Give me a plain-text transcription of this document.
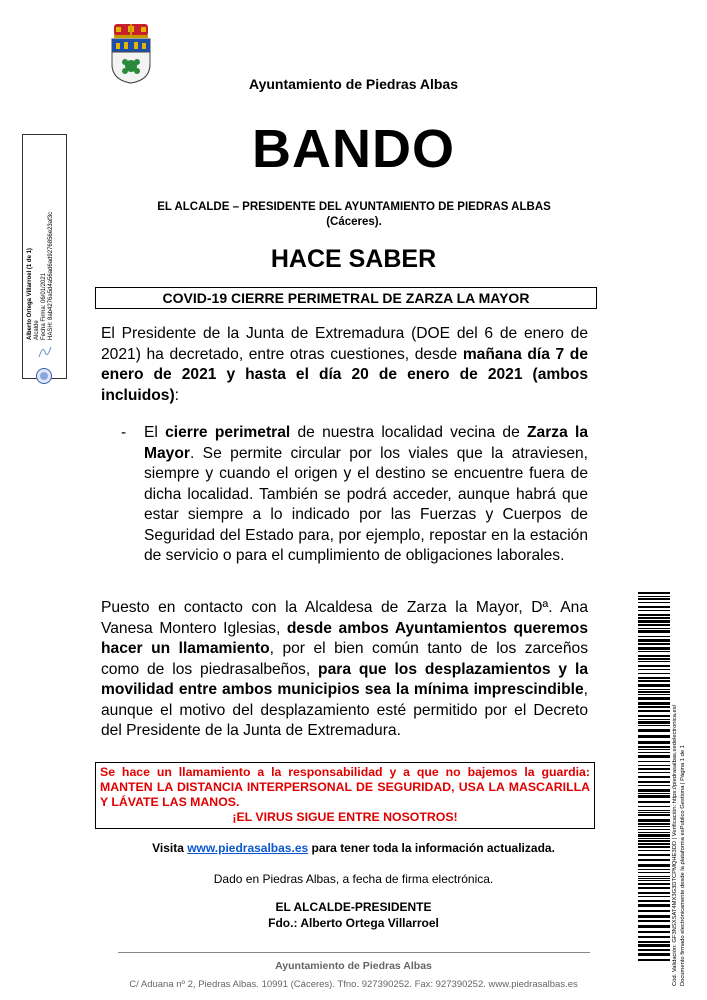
Ayuntamiento de Piedras Albas
BANDO
EL ALCALDE – PRESIDENTE DEL AYUNTAMIENTO DE PIEDRAS ALBAS
(Cáceres).
HACE SABER
COVID-19 CIERRE PERIMETRAL DE ZARZA LA MAYOR
El Presidente de la Junta de Extremadura (DOE del 6 de enero de 2021) ha decretado, entre otras cuestiones, desde mañana día 7 de enero de 2021 y hasta el día 20 de enero de 2021 (ambos incluidos):
- El cierre perimetral de nuestra localidad vecina de Zarza la Mayor. Se permite circular por los viales que la atraviesen, siempre y cuando el origen y el destino se encuentre fuera de dicha localidad. También se podrá acceder, aunque habrá que estar siempre a lo indicado por las Fuerzas y Cuerpos de Seguridad del Estado para, por ejemplo, repostar en la estación de servicio o para el cumplimiento de obligaciones laborales.
Puesto en contacto con la Alcaldesa de Zarza la Mayor, Dª. Ana Vanesa Montero Iglesias, desde ambos Ayuntamientos queremos hacer un llamamiento, por el bien común tanto de los zarceños como de los piedrasalbeños, para que los desplazamientos y la movilidad entre ambos municipios sea la mínima imprescindible, aunque el motivo del desplazamiento esté permitido por el Decreto del Presidente de la Junta de Extremadura.
Se hace un llamamiento a la responsabilidad y a que no bajemos la guardia: MANTEN LA DISTANCIA INTERPERSONAL DE SEGURIDAD, USA LA MASCARILLA Y LÁVATE LAS MANOS.
¡EL VIRUS SIGUE ENTRE NOSOTROS!
Visita www.piedrasalbas.es para tener toda la información actualizada.
Dado en Piedras Albas, a fecha de firma electrónica.
EL ALCALDE-PRESIDENTE
Fdo.: Alberto Ortega Villarroel
Ayuntamiento de Piedras Albas
C/ Aduana nº 2, Piedras Albas. 10991 (Cáceres). Tfno. 927390252. Fax: 927390252. www.piedrasalbas.es
Alberto Ortega Villarroel (1 de 1) Alcalde Fecha Firma: 06/01/2021 HASH: 8ab4276a5d4a56ad6ad9276856e23af3c
Cód. Validación: GF3NSXSAT4MX3G3DTCPMQHE3DD | Verificación: https://piedrasalbas.sedelectronica.es/ Documento firmado electrónicamente desde la plataforma esPublico Gestiona | Página 1 de 1
